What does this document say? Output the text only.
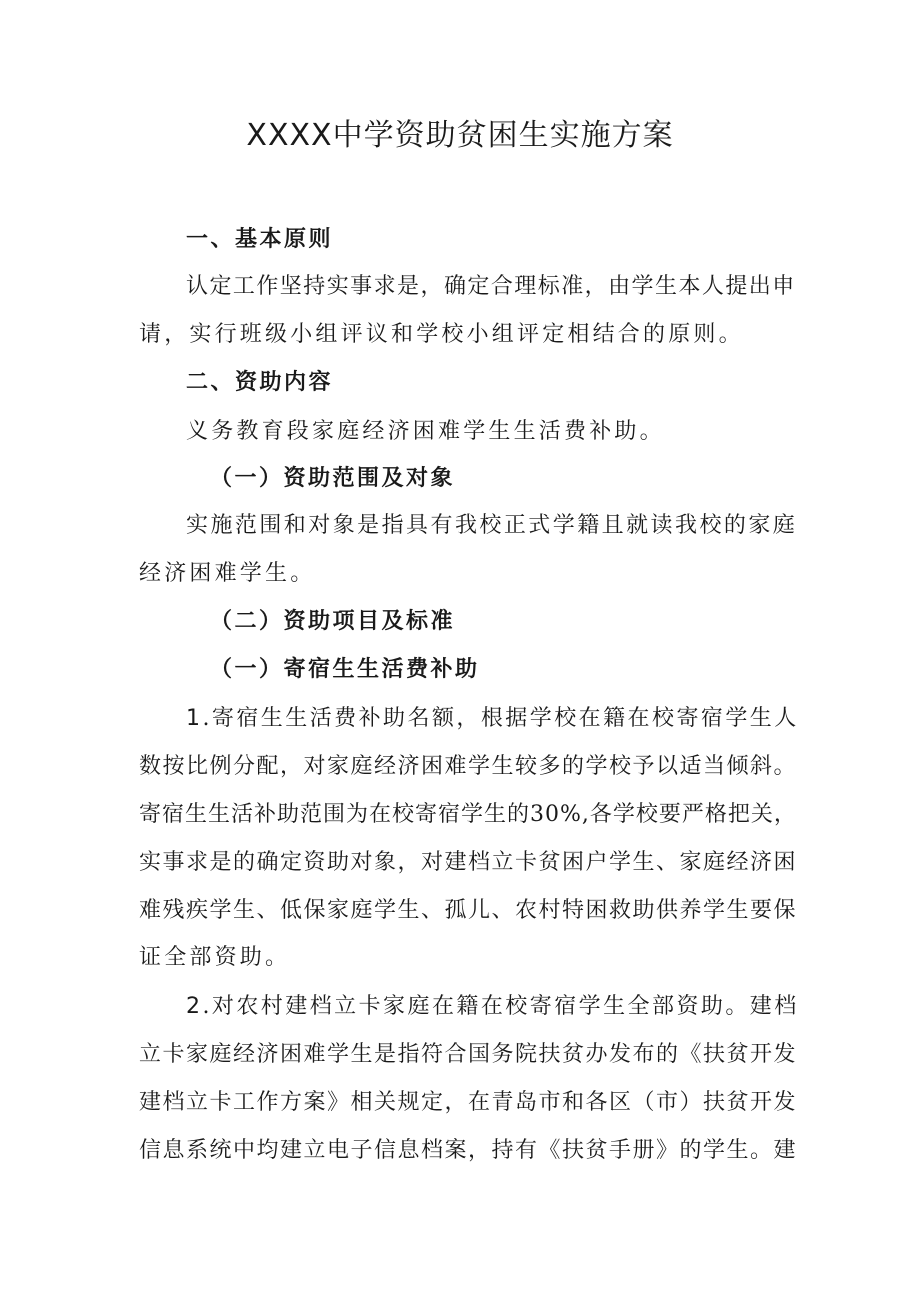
XXXX中学资助贫困生实施方案
一、基本原则
认定工作坚持实事求是，确定合理标准，由学生本人提出申
请，实行班级小组评议和学校小组评定相结合的原则。
二、资助内容
义务教育段家庭经济困难学生生活费补助。
（一）资助范围及对象
实施范围和对象是指具有我校正式学籍且就读我校的家庭
经济困难学生。
（二）资助项目及标准
（一）寄宿生生活费补助
1.寄宿生生活费补助名额，根据学校在籍在校寄宿学生人
数按比例分配，对家庭经济困难学生较多的学校予以适当倾斜。
寄宿生生活补助范围为在校寄宿学生的30%,各学校要严格把关，
实事求是的确定资助对象，对建档立卡贫困户学生、家庭经济困
难残疾学生、低保家庭学生、孤儿、农村特困救助供养学生要保
证全部资助。
2.对农村建档立卡家庭在籍在校寄宿学生全部资助。建档
立卡家庭经济困难学生是指符合国务院扶贫办发布的《扶贫开发
建档立卡工作方案》相关规定，在青岛市和各区（市）扶贫开发
信息系统中均建立电子信息档案，持有《扶贫手册》的学生。建
